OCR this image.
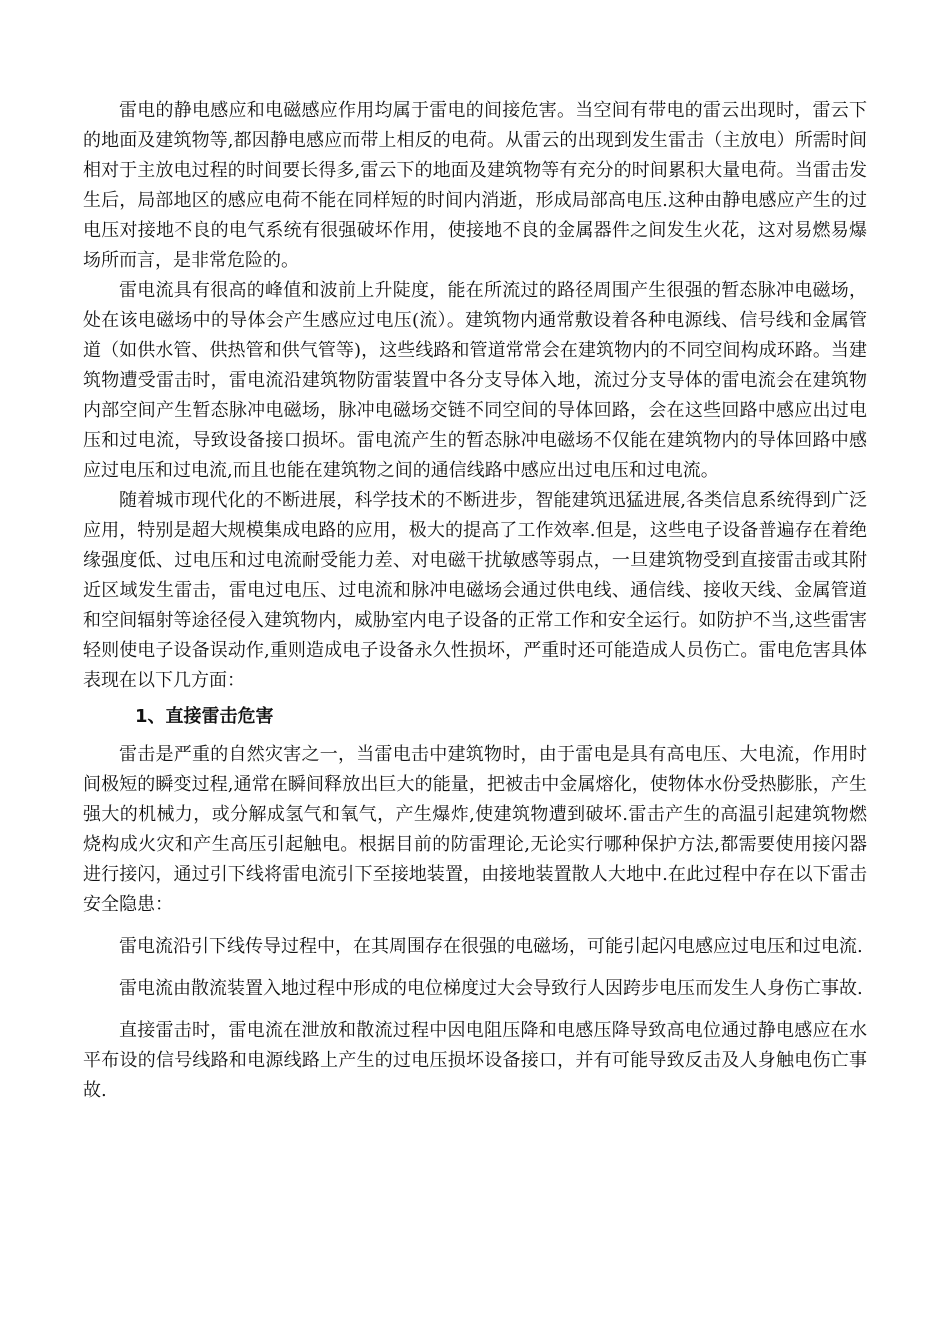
雷电的静电感应和电磁感应作用均属于雷电的间接危害。当空间有带电的雷云出现时，雷云下的地面及建筑物等,都因静电感应而带上相反的电荷。从雷云的出现到发生雷击（主放电）所需时间相对于主放电过程的时间要长得多,雷云下的地面及建筑物等有充分的时间累积大量电荷。当雷击发生后，局部地区的感应电荷不能在同样短的时间内消逝，形成局部高电压.这种由静电感应产生的过电压对接地不良的电气系统有很强破坏作用，使接地不良的金属器件之间发生火花，这对易燃易爆场所而言，是非常危险的。

雷电流具有很高的峰值和波前上升陡度，能在所流过的路径周围产生很强的暂态脉冲电磁场，处在该电磁场中的导体会产生感应过电压(流）。建筑物内通常敷设着各种电源线、信号线和金属管道（如供水管、供热管和供气管等)，这些线路和管道常常会在建筑物内的不同空间构成环路。当建筑物遭受雷击时，雷电流沿建筑物防雷装置中各分支导体入地，流过分支导体的雷电流会在建筑物内部空间产生暂态脉冲电磁场，脉冲电磁场交链不同空间的导体回路，会在这些回路中感应出过电压和过电流，导致设备接口损坏。雷电流产生的暂态脉冲电磁场不仅能在建筑物内的导体回路中感应过电压和过电流,而且也能在建筑物之间的通信线路中感应出过电压和过电流。

随着城市现代化的不断进展，科学技术的不断进步，智能建筑迅猛进展,各类信息系统得到广泛应用，特别是超大规模集成电路的应用，极大的提高了工作效率.但是，这些电子设备普遍存在着绝缘强度低、过电压和过电流耐受能力差、对电磁干扰敏感等弱点，一旦建筑物受到直接雷击或其附近区域发生雷击，雷电过电压、过电流和脉冲电磁场会通过供电线、通信线、接收天线、金属管道和空间辐射等途径侵入建筑物内，威胁室内电子设备的正常工作和安全运行。如防护不当,这些雷害轻则使电子设备误动作,重则造成电子设备永久性损坏，严重时还可能造成人员伤亡。雷电危害具体表现在以下几方面：

1、直接雷击危害

雷击是严重的自然灾害之一，当雷电击中建筑物时，由于雷电是具有高电压、大电流，作用时间极短的瞬变过程,通常在瞬间释放出巨大的能量，把被击中金属熔化，使物体水份受热膨胀，产生强大的机械力，或分解成氢气和氧气，产生爆炸,使建筑物遭到破坏.雷击产生的高温引起建筑物燃烧构成火灾和产生高压引起触电。根据目前的防雷理论,无论实行哪种保护方法,都需要使用接闪器进行接闪，通过引下线将雷电流引下至接地装置，由接地装置散人大地中.在此过程中存在以下雷击安全隐患：

雷电流沿引下线传导过程中，在其周围存在很强的电磁场，可能引起闪电感应过电压和过电流.

雷电流由散流装置入地过程中形成的电位梯度过大会导致行人因跨步电压而发生人身伤亡事故.

直接雷击时，雷电流在泄放和散流过程中因电阻压降和电感压降导致高电位通过静电感应在水平布设的信号线路和电源线路上产生的过电压损坏设备接口，并有可能导致反击及人身触电伤亡事故.
